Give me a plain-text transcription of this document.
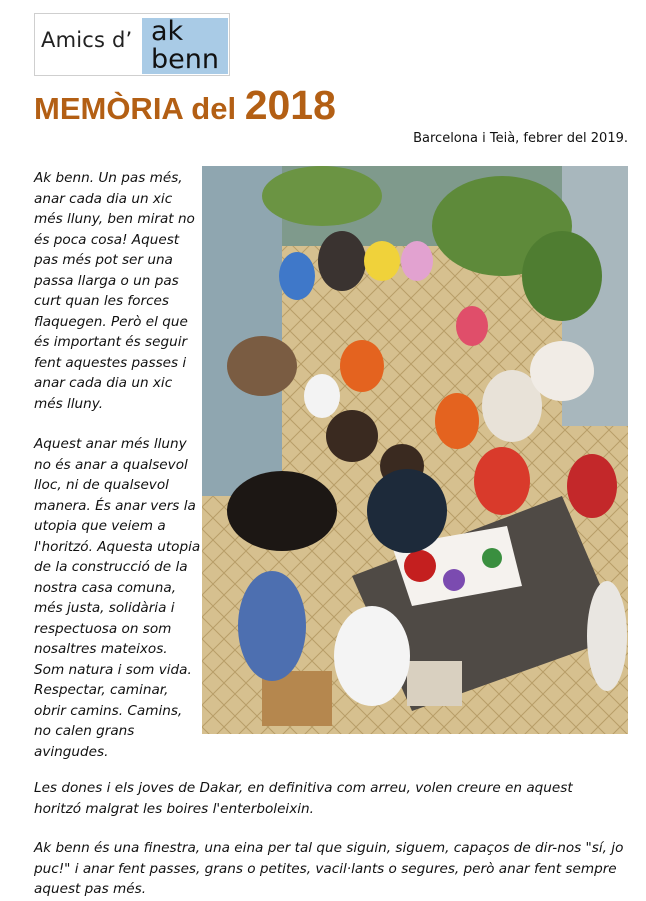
Amics d’ ak
benn
MEMÒRIA del 2018
Barcelona i Teià, febrer del 2019.

Ak benn. Un pas més, anar cada dia un xic més lluny, ben mirat no és poca cosa! Aquest pas més pot ser una passa llarga o un pas curt quan les forces flaquegen. Però el que és important és seguir fent aquestes passes i anar cada dia un xic més lluny.

Aquest anar més lluny no és anar a qualsevol lloc, ni de qualsevol manera. És anar vers la utopia que veiem a l'horitzó. Aquesta utopia de la construcció de la nostra casa comuna, més justa, solidària i respectuosa on som nosaltres mateixos. Som natura i som vida. Respectar, caminar, obrir camins. Camins, no calen grans avingudes.

Les dones i els joves de Dakar, en definitiva com arreu, volen creure en aquest horitzó malgrat les boires l'enterboleixin.

Ak benn és una finestra, una eina per tal que siguin, siguem, capaços de dir-nos "sí, jo puc!" i anar fent passes, grans o petites, vacil·lants o segures, però anar fent sempre aquest pas més.
